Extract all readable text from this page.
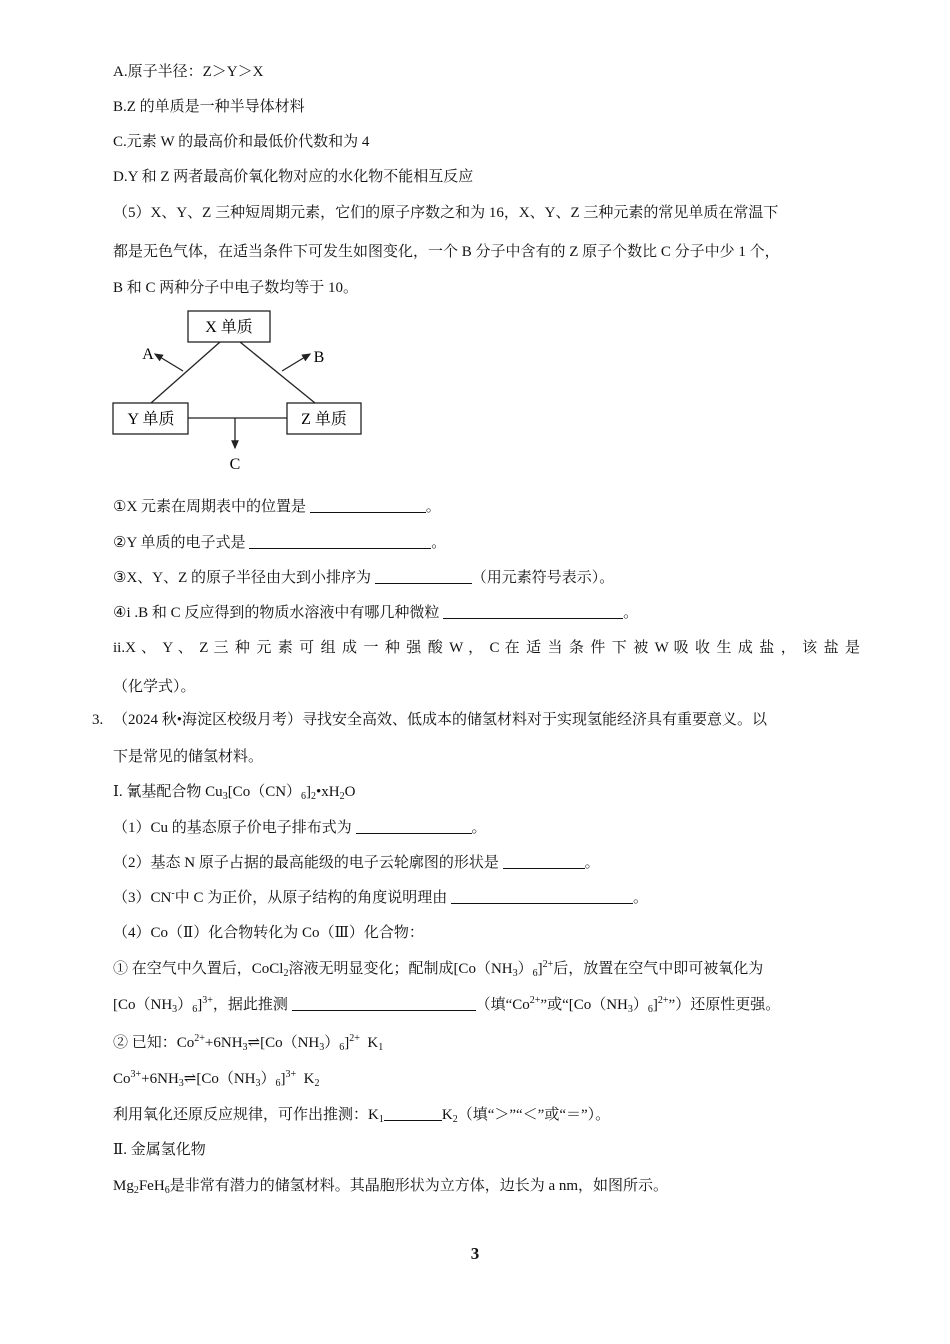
A.原子半径：Z＞Y＞X
B.Z 的单质是一种半导体材料
C.元素 W 的最高价和最低价代数和为 4
D.Y 和 Z 两者最高价氧化物对应的水化物不能相互反应
（5）X、Y、Z 三种短周期元素，它们的原子序数之和为 16，X、Y、Z 三种元素的常见单质在常温下
都是无色气体，在适当条件下可发生如图变化，一个 B 分子中含有的 Z 原子个数比 C 分子中少 1 个，
B 和 C 两种分子中电子数均等于 10。
X 单质
Y 单质	Z 单质
A	B
C
①X 元素在周期表中的位置是	。
②Y 单质的电子式是	。
③X、Y、Z 的原子半径由大到小排序为	（用元素符号表示）。
④i .B 和 C 反应得到的物质水溶液中有哪几种微粒	。
ii.X 、 Y 、 Z 三 种 元 素 可 组 成 一 种 强 酸 W ， C 在 适 当 条 件 下 被 W 吸 收 生 成 盐 ， 该 盐 是
（化学式）。
3. （2024 秋•海淀区校级月考）寻找安全高效、低成本的储氢材料对于实现氢能经济具有重要意义。以
下是常见的储氢材料。
Ⅰ. 氰基配合物 $Cu_3[Co(CN)_6]_2•xH_2O$
（1）Cu 的基态原子价电子排布式为	。
（2）基态 N 原子占据的最高能级的电子云轮廓图的形状是	。
（3）CN-中 C 为正价，从原子结构的角度说明理由	。
（4）Co（Ⅱ）化合物转化为 Co（Ⅲ）化合物：
① 在空气中久置后，CoCl$_2$溶液无明显变化；配制成$[Co(NH_3)_6]^{2+}$后，放置在空气中即可被氧化为
$[Co(NH_3)_6]^{3+}$，据此推测	（填“$Co^{2+}$”或“$[Co(NH_3)_6]^{2+}$”）还原性更强。
② 已知：$Co^{2+}+6NH_3\rightleftharpoons[Co(NH_3)_6]^{2+}$  $K_1$
$Co^{3+}+6NH_3\rightleftharpoons[Co(NH_3)_6]^{3+}$  $K_2$
利用氧化还原反应规律，可作出推测：$K_1$	$K_2$（填“＞”“＜”或“＝”）。
Ⅱ. 金属氢化物
$Mg_2FeH_6$是非常有潜力的储氢材料。其晶胞形状为立方体，边长为 a nm，如图所示。
3
